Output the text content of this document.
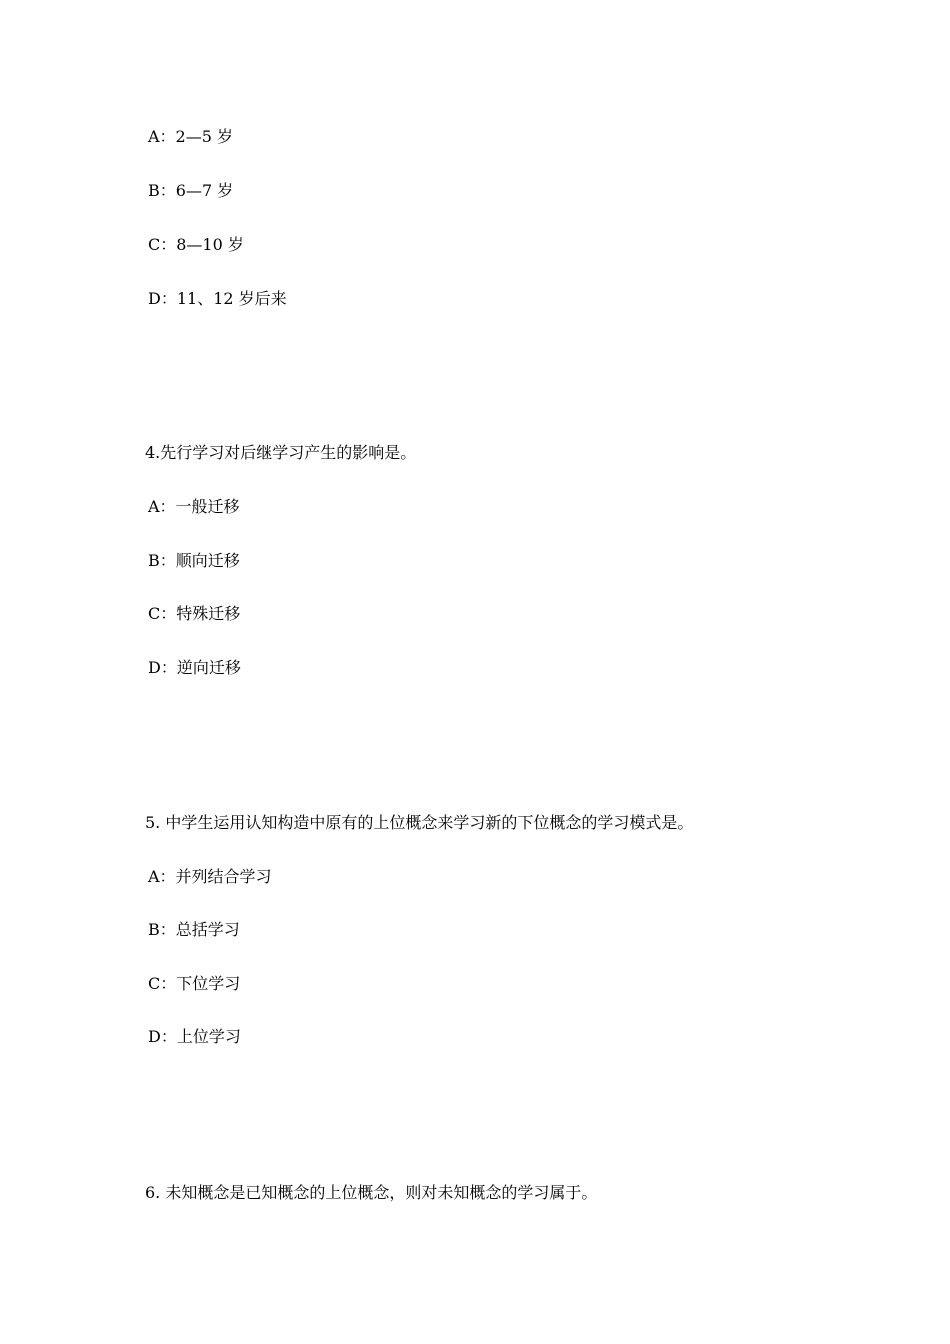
A：2—5 岁
B：6—7 岁
C：8—10 岁
D：11、12 岁后来
4.先行学习对后继学习产生的影响是。
A：一般迁移
B：顺向迁移
C：特殊迁移
D：逆向迁移
5. 中学生运用认知构造中原有的上位概念来学习新的下位概念的学习模式是。
A：并列结合学习
B：总括学习
C：下位学习
D：上位学习
6. 未知概念是已知概念的上位概念，则对未知概念的学习属于。
